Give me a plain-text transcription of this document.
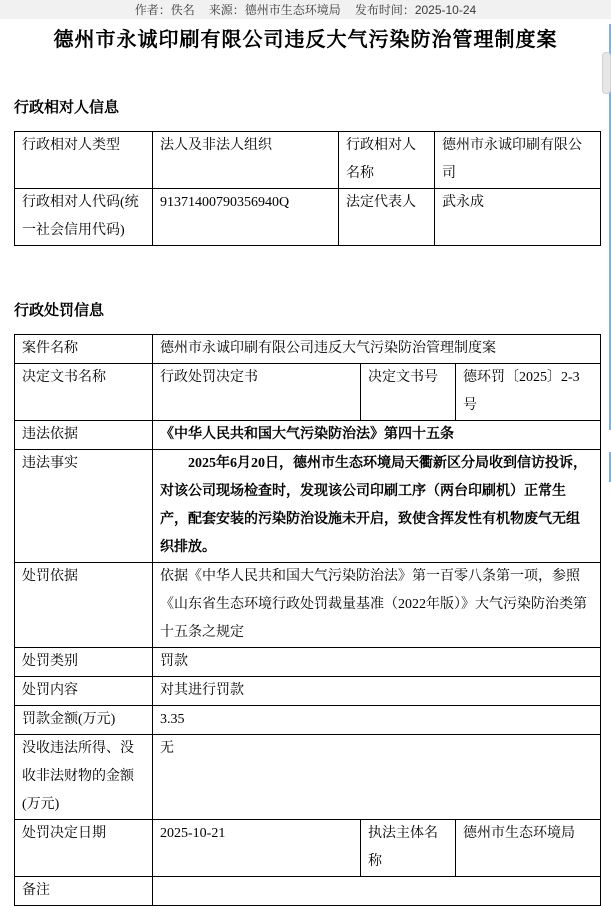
作者：佚名 来源：德州市生态环境局 发布时间：2025-10-24
德州市永诚印刷有限公司违反大气污染防治管理制度案
行政相对人信息
行政相对人类型	法人及非法人组织	行政相对人名称	德州市永诚印刷有限公司
行政相对人代码(统一社会信用代码)	91371400790356940Q	法定代表人	武永成
行政处罚信息
案件名称	德州市永诚印刷有限公司违反大气污染防治管理制度案		
决定文书名称	行政处罚决定书	决定文书号	德环罚〔2025〕2-3号
违法依据	《中华人民共和国大气污染防治法》第四十五条		
违法事实	2025年6月20日，德州市生态环境局天衢新区分局收到信访投诉，对该公司现场检查时，发现该公司印刷工序（两台印刷机）正常生产，配套安装的污染防治设施未开启，致使含挥发性有机物废气无组织排放。		
处罚依据	依据《中华人民共和国大气污染防治法》第一百零八条第一项，参照《山东省生态环境行政处罚裁量基准（2022年版）》大气污染防治类第十五条之规定		
处罚类别	罚款		
处罚内容	对其进行罚款		
罚款金额(万元)	3.35		
没收违法所得、没收非法财物的金额(万元)	无		
处罚决定日期	2025-10-21	执法主体名称	德州市生态环境局
备注			
